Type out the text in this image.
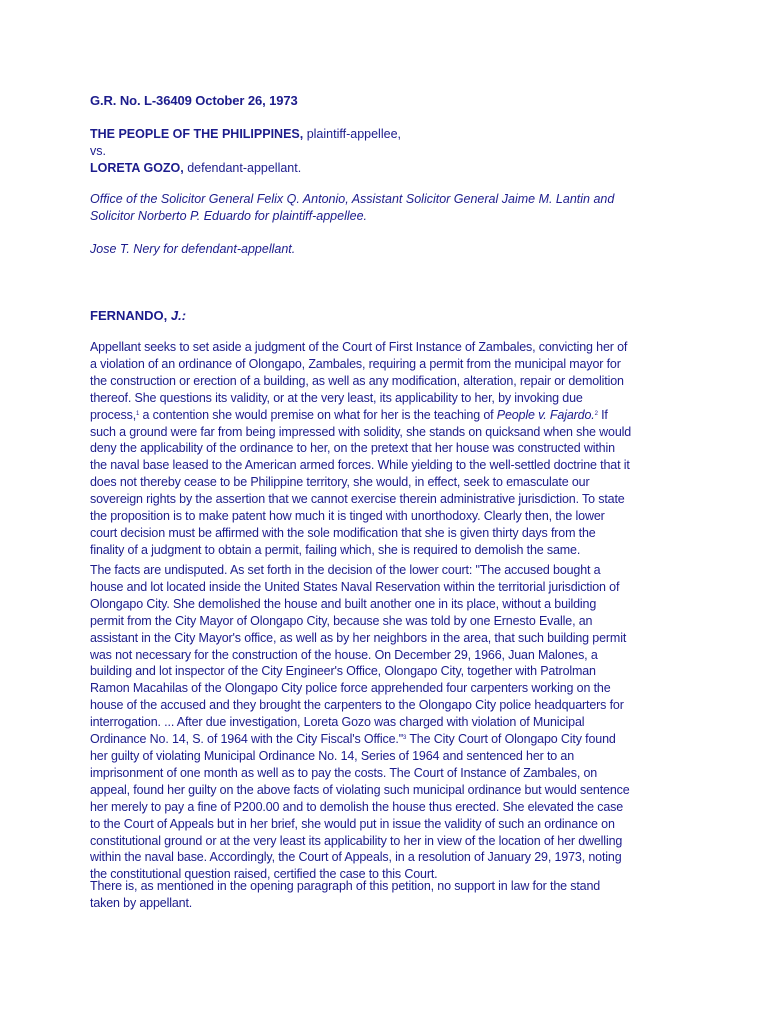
G.R. No. L-36409 October 26, 1973
THE PEOPLE OF THE PHILIPPINES, plaintiff-appellee,
vs.
LORETA GOZO, defendant-appellant.
Office of the Solicitor General Felix Q. Antonio, Assistant Solicitor General Jaime M. Lantin and
Solicitor Norberto P. Eduardo for plaintiff-appellee.
Jose T. Nery for defendant-appellant.
FERNANDO, J.:
Appellant seeks to set aside a judgment of the Court of First Instance of Zambales, convicting her of
a violation of an ordinance of Olongapo, Zambales, requiring a permit from the municipal mayor for
the construction or erection of a building, as well as any modification, alteration, repair or demolition
thereof. She questions its validity, or at the very least, its applicability to her, by invoking due
process,$^1$ a contention she would premise on what for her is the teaching of People v. Fajardo.$^2$ If
such a ground were far from being impressed with solidity, she stands on quicksand when she would
deny the applicability of the ordinance to her, on the pretext that her house was constructed within
the naval base leased to the American armed forces. While yielding to the well-settled doctrine that it
does not thereby cease to be Philippine territory, she would, in effect, seek to emasculate our
sovereign rights by the assertion that we cannot exercise therein administrative jurisdiction. To state
the proposition is to make patent how much it is tinged with unorthodoxy. Clearly then, the lower
court decision must be affirmed with the sole modification that she is given thirty days from the
finality of a judgment to obtain a permit, failing which, she is required to demolish the same.
The facts are undisputed. As set forth in the decision of the lower court: "The accused bought a
house and lot located inside the United States Naval Reservation within the territorial jurisdiction of
Olongapo City. She demolished the house and built another one in its place, without a building
permit from the City Mayor of Olongapo City, because she was told by one Ernesto Evalle, an
assistant in the City Mayor's office, as well as by her neighbors in the area, that such building permit
was not necessary for the construction of the house. On December 29, 1966, Juan Malones, a
building and lot inspector of the City Engineer's Office, Olongapo City, together with Patrolman
Ramon Macahilas of the Olongapo City police force apprehended four carpenters working on the
house of the accused and they brought the carpenters to the Olongapo City police headquarters for
interrogation. ... After due investigation, Loreta Gozo was charged with violation of Municipal
Ordinance No. 14, S. of 1964 with the City Fiscal's Office."$^3$ The City Court of Olongapo City found
her guilty of violating Municipal Ordinance No. 14, Series of 1964 and sentenced her to an
imprisonment of one month as well as to pay the costs. The Court of Instance of Zambales, on
appeal, found her guilty on the above facts of violating such municipal ordinance but would sentence
her merely to pay a fine of P200.00 and to demolish the house thus erected. She elevated the case
to the Court of Appeals but in her brief, she would put in issue the validity of such an ordinance on
constitutional ground or at the very least its applicability to her in view of the location of her dwelling
within the naval base. Accordingly, the Court of Appeals, in a resolution of January 29, 1973, noting
the constitutional question raised, certified the case to this Court.
There is, as mentioned in the opening paragraph of this petition, no support in law for the stand
taken by appellant.
